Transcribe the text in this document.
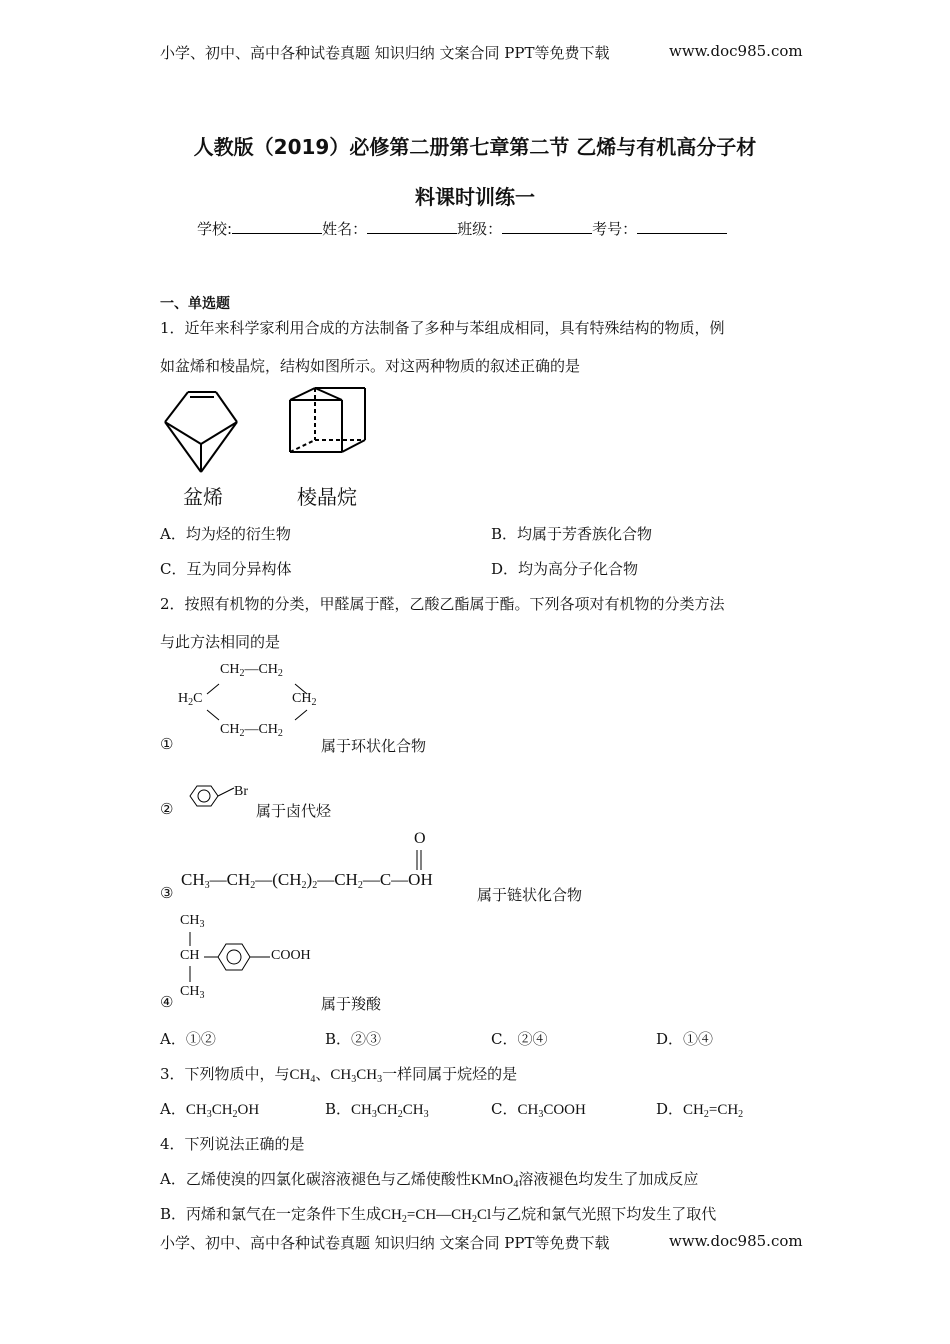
小学、初中、高中各种试卷真题 知识归纳 文案合同 PPT等免费下载	www.doc985.com
人教版（2019）必修第二册第七章第二节 乙烯与有机高分子材
料课时训练一
学校:	姓名：	班级：	考号：
一、单选题
1．近年来科学家利用合成的方法制备了多种与苯组成相同，具有特殊结构的物质，例
如盆烯和棱晶烷，结构如图所示。对这两种物质的叙述正确的是
盆烯	棱晶烷
A．均为烃的衍生物	B．均属于芳香族化合物
C．互为同分异构体	D．均为高分子化合物
2．按照有机物的分类，甲醛属于醛，乙酸乙酯属于酯。下列各项对有机物的分类方法
与此方法相同的是
$H_2C$
$CH_2—CH_2$
$CH_2$
$CH_2—CH_2$
①	属于环状化合物
②
Br
属于卤代烃
O
③
$CH_3—CH_2—(CH_2)_2—CH_2—C—OH$
属于链状化合物
$CH_3$
CH
$CH_3$
COOH
④	属于羧酸
A．①②	B．②③	C．②④	D．①④
3．下列物质中，与$CH_4$、$CH_3CH_3$一样同属于烷烃的是
A．$CH_3CH_2OH$	B．$CH_3CH_2CH_3$	C．$CH_3COOH$	D．$CH_2=CH_2$
4．下列说法正确的是
A．乙烯使溴的四氯化碳溶液褪色与乙烯使酸性KMnO$_4$溶液褪色均发生了加成反应
B．丙烯和氯气在一定条件下生成$CH_2=CH—CH_2Cl$与乙烷和氯气光照下均发生了取代
小学、初中、高中各种试卷真题 知识归纳 文案合同 PPT等免费下载	www.doc985.com
